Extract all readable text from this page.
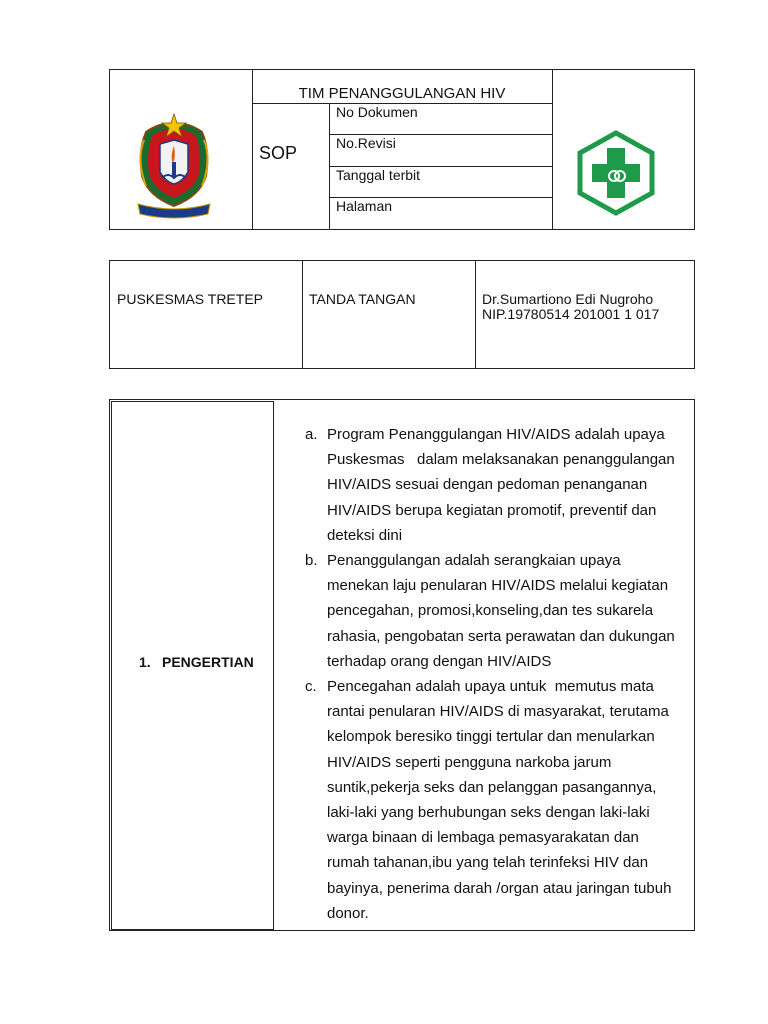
TIM PENANGGULANGAN HIV
SOP
No Dokumen
No.Revisi
Tanggal terbit
Halaman
PUSKESMAS TRETEP	TANDA TANGAN	Dr.Sumartiono Edi Nugroho
NIP.19780514 201001 1 017
1. PENGERTIAN
a. Program Penanggulangan HIV/AIDS adalah upaya
Puskesmas   dalam melaksanakan penanggulangan
HIV/AIDS sesuai dengan pedoman penanganan
HIV/AIDS berupa kegiatan promotif, preventif dan
deteksi dini
b. Penanggulangan adalah serangkaian upaya
menekan laju penularan HIV/AIDS melalui kegiatan
pencegahan, promosi,konseling,dan tes sukarela
rahasia, pengobatan serta perawatan dan dukungan
terhadap orang dengan HIV/AIDS
c. Pencegahan adalah upaya untuk  memutus mata
rantai penularan HIV/AIDS di masyarakat, terutama
kelompok beresiko tinggi tertular dan menularkan
HIV/AIDS seperti pengguna narkoba jarum
suntik,pekerja seks dan pelanggan pasangannya,
laki-laki yang berhubungan seks dengan laki-laki
warga binaan di lembaga pemasyarakatan dan
rumah tahanan,ibu yang telah terinfeksi HIV dan
bayinya, penerima darah /organ atau jaringan tubuh
donor.
